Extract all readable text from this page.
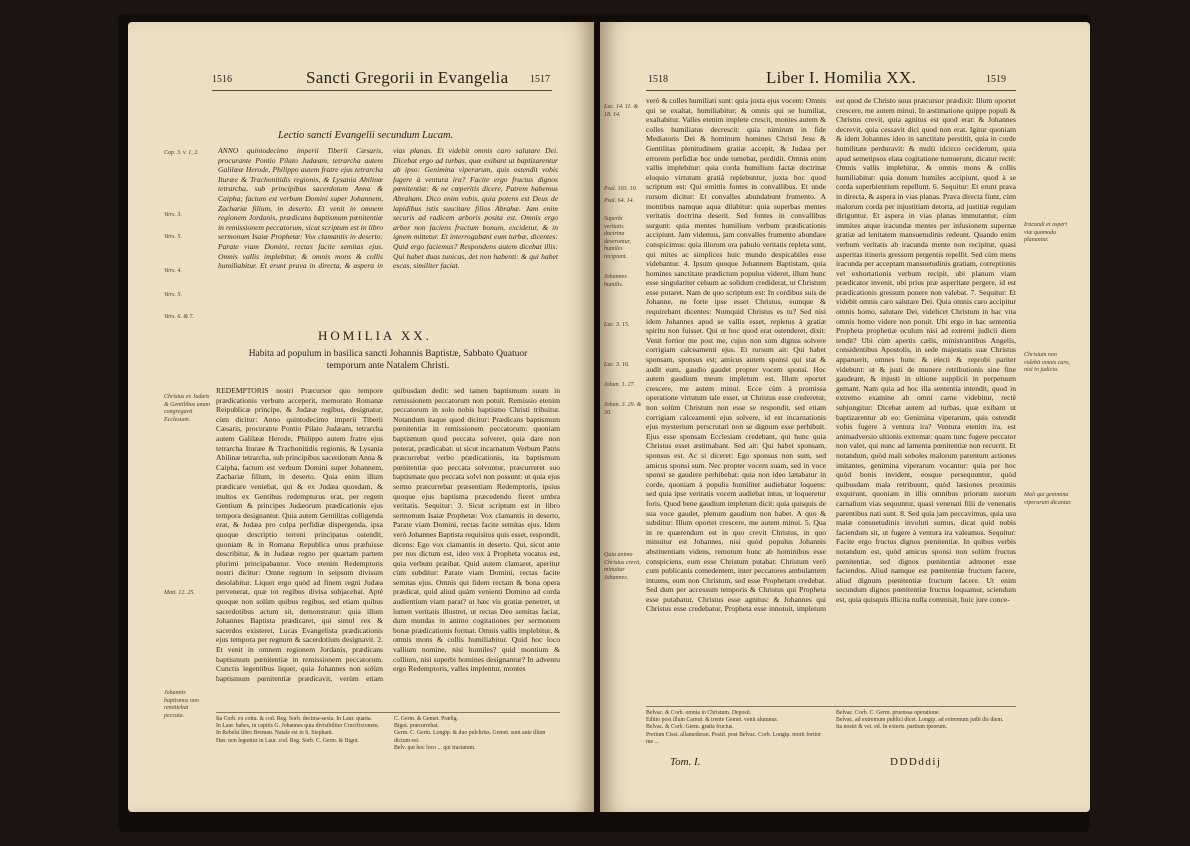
1516	Sancti Gregorii in Evangelia 1517
Lectio sancti Evangelii secundum Lucam.
Cap. 3. v. 1, 2.
Vers. 3.
Vers. 5.
Vers. 4.
Vers. 5.
Vers. 6. & 7.
ANNO quintodecimo imperii Tiberii Cæsaris, procurante Pontio Pilato Judæam, tetrarcha autem Galilææ Herode, Philippo autem fratre ejus tetrarcha Ituræe & Trachonitidis regionis, & Lysania Abilinæ tetrarcha, sub principibus sacerdotum Anna & Caipha; factum est verbum Domini super Johannem, Zachariæ filium, in deserto. Et venit in omnem regionem Jordanis, prædicans baptismum pœnitentiæ in remissionem peccatorum, sicut scriptum est in libro sermonum Isaiæ Prophetæ: Vox clamantis in deserto: Parate viam Domini, rectas facite semitas ejus. Omnis vallis implebitur, & omnis mons & collis humiliabitur. Et erunt prava in directa, & aspera in vias planas. Et videbit omnis caro salutare Dei. Dicebat ergo ad turbas, quæ exibant ut baptizarentur ab ipso: Genimina viperarum, quis ostendit vobis fugere à ventura ira? Facite ergo fructus dignos pœnitentiæ: & ne cœperitis dicere, Patrem habemus Abraham. Dico enim vobis, quia potens est Deus de lapidibus istis suscitare filios Abrahæ. Jam enim securis ad radicem arboris posita est. Omnis ergo arbor non faciens fructum bonum, excidetur, & in ignem mittetur. Et interrogabant eum turbæ, dicentes: Quid ergo faciemus? Respondens autem dicebat illis: Qui habet duas tunicas, det non habenti: & qui habet escas, similiter faciat.
HOMILIA XX.
Habita ad populum in basilica sancti Johannis Baptistæ, Sabbato Quatuor temporum ante Natalem Christi.
Christus ex Judæis & Gentilibus unam congregavit Ecclesiam.
Matt. 12. 25.
Johannis baptismus non remittebat peccata.
REDEMPTORIS nostri Præcursor quo tempore prædicationis verbum acceperit, memorato Romanæ Reipublicæ principe, & Judææ regibus, designatur, cùm dicitur: Anno quintodecimo imperii Tiberii Cæsaris, procurante Pontio Pilato Judæam, tetrarcha autem Galilææ Herode, Philippo autem fratre ejus tetrarcha Ituræe & Trachonitidis regionis, & Lysania Abilinæ tetrarcha, sub principibus sacerdotum Anna & Caipha, factum est verbum Domini super Johannem, Zachariæ filium, in deserto. Quia enim illum prædicare veniebat, qui & ex Judæa quosdam, & multos ex Gentibus redempturus erat, per regem Gentium & principes Judæorum prædicationis ejus tempora designantur. Quia autem Gentilitas colligenda erat, & Judæa pro culpa perfidiæ dispergenda, ipsa quoque descriptio terreni principatus ostendit, quoniam & in Romana Republica unus præfuisse describitur, & in Judææ regno per quartam partem plurimi principabantur. Voce etenim Redemptoris nostri dicitur: Omne regnum in seipsum divisum desolabitur. Liquet ergo quòd ad finem regni Judæa pervenerat, quæ tot regibus divisa subjacebat. Aptè quoque non solùm quibus regibus, sed etiam quibus sacerdotibus actum sit, demonstratur: quia illum Johannes Baptista prædicaret, qui simul rex & sacerdos existeret, Lucas Evangelista prædicationis ejus tempora per regnum & sacerdotium designavit. 2. Et venit in omnem regionem Jordanis, prædicans baptismum pœnitentiæ in remissionem peccatorum. Cunctis legentibus liquet, quia Johannes non solùm baptismum pœnitentiæ prædicavit, verùm etiam quibusdam dedit: sed tamen baptismum suum in remissionem peccatorum non potuit. Remissio etenim peccatorum in solo nobis baptismo Christi tribuitur. Notandum itaque quod dicitur: Prædicans baptismum pœnitentiæ in remissionem peccatorum: quoniam baptismum quod peccata solveret, quia dare non poterat, prædicabat: ut sicut incarnatum Verbum Patris præcurrebat verbo prædicationis, ita baptismum pœnitentiæ quo peccata solvuntur, præcurreret suo baptismate quo peccata solvi non possunt: ut quia ejus sermo præcurrebat præsentiam Redemptoris, ipsius quoque ejus baptisma præcedendo fieret umbra veritatis. Sequitur: 3. Sicut scriptum est in libro sermonum Isaiæ Prophetæ: Vox clamantis in deserto, Parate viam Domini, rectas facite semitas ejus. Idem verò Johannes Baptista requisitus quis esset, respondit, dicens: Ego vox clamantis in deserto. Qui, sicut ante per nos dictum est, ideo vox à Propheta vocatus est, quia verbum præibat. Quid autem clamaret, aperitur cùm subditur: Parate viam Domini, rectas facite semitas ejus. Omnis qui fidem rectam & bona opera prædicat, quid aliud quàm venienti Domino ad corda audientium viam parat? ut hæc vis gratiæ penetret, ut lumen veritatis illustret, ut rectas Deo semitas faciat, dum mundas in animo cogitationes per sermonem bonæ prædicationis format. Omnis vallis implebitur, & omnis mons & collis humiliabitur. Quid hoc loco vallium nomine, nisi humiles? quid montium & collium, nisi superbi homines designantur? In adventu ergo Redemptoris, valles implentur, montes
Ita Corb. ex cottu. & cod. Reg. Sorb. decima-sexta. In Laur. quarta.
In Laur. habes, in capitis G. Johannes quia divisibiliter Crucifixionem. In Rebelsi libro Breman. Natale est in S. Stephani.
Hæc non leguntur in Laur. cod. Reg. Sorb. C. Germ. & Bigot.
C. Germ. & Gemet. Præfig.
Bigot. præcurrebat.
Germ. C. Germ. Longip. & duo pulchriss. Gemet. sunt aute illum dictum est.
Belv. qui hoc loco ... qui tractatum.
1518	Liber I. Homilia XX.	1519
Luc. 14. 11. & 18. 14.
Psal. 103. 10.
Psal. 64. 14.
Superbi veritatis doctrina deseruntur, humiles recipiunt.
Johannes humilis.
Luc. 3. 15.
Luc. 3. 16.
Johan. 1. 27.
Johan. 3. 29. & 30.
Quia animo Christus crevit, minuitur Johannes.
verò & colles humiliati sunt: quia juxta ejus vocem: Omnis qui se exaltat, humiliabitur; & omnis qui se humiliat, exaltabitur. Valles etenim implete crescit, montes autem & colles humiliatus decrescit: quia nimirum in fide Mediatoris Dei & hominum homines Christi Jesu & Gentilitas plenitudinem gratiæ accepit, & Judæa per errorem perfidiæ hoc unde tumebat, perdidit. Omnis enim vallis implebitur: quia corda humilium factæ doctrinæ eloquio virtutum gratiâ replebuntur, juxta hoc quod scriptum est: Qui emittis fontes in convallibus. Et unde rursum dicitur: Et convalles abundabunt frumento. A montibus namque aqua dilabitur: quia superbas mentes veritatis doctrina deserit. Sed fontes in convallibus surgunt: quia mentes humilium verbum prædicationis accipiunt. Jam videmus, jam convalles frumento abundare conspicimus: quia illorum ora pabulo veritatis repleta sunt, qui mites ac simplices huic mundo despicabiles esse videbantur. 4. Ipsum quoque Johannem Baptistam, quia homines sanctitate prædictum populus videret, illum hunc esse singulariter celsum ac solidum crediderat, ut Christum esse putaret. Nam de quo scriptum est: In cordibus suis de Johanne, ne forte ipse esset Christus, eumque & requirebant dicentes: Numquid Christus es tu? Sed nisi idem Johannes apud se vallis esset, repletus à gratiæ spiritu non fuisset. Qui ut hoc quod erat ostenderet, dixit: Venit fortior me post me, cujus non sum dignus solvere corrigiam calceamenti ejus. Et rursum ait: Qui habet sponsam, sponsus est; amicus autem sponsi qui stat & audit eum, gaudio gaudet propter vocem sponsi. Hoc autem gaudium meum impletum est. Illum oportet crescere, me autem minui. Ecce cùm à promissa operatione virtutum tale esset, ut Christus esse crederetur, non solùm Christum non esse se respondit, sed etiam corrigiam calceamenti ejus solvere, id est incarnationis ejus mysterium perscrutari non se dignum esse perhibuit. Ejus esse sponsam Ecclesiam credebant, qui hunc quia Christus esset æstimabant. Sed ait: Qui habet sponsam, sponsus est. Ac si diceret: Ego sponsus non sum, sed amicus sponsi sum. Nec propter vocem suam, sed in voce sponsi se gaudere perhibebat: quia non ideo lætabatur in corde, quoniam à populis humiliter audiebatur loquens: sed quia ipse veritatis vocem audiebat intus, ut loqueretur foris. Quod bene gaudium impletum dicit: quia quisquis de sua voce gaudet, plenum gaudium non habet. A quo & subditur: Illum oportet crescere, me autem minui. 5. Qua in re quærendum est in quo crevit Christus, in quo minuitur est Johannes, nisi quòd populus Johannis abstinentiam videns, remotum hunc ab hominibus esse conspiciens, eum esse Christum putabat: Christum verò cum publicanis comedentem, inter peccatores ambulantem intuens, eum non Christum, sed esse Prophetam credebat. Sed dum per accessum temporis & Christus qui Propheta esse putabatur, Christus esse agnitus: & Johannes qui Christus esse credebatur, Propheta esse innotuit, impletum est quod de Christo suus præcursor prædixit: Illum oportet crescere, me autem minui. In æstimatione quippe populi & Christus crevit, quia agnitus est quod erat: & Johannes decrevit, quia cessavit dici quod non erat. Igitur quoniam & idem Johannes ideo in sanctitate perstitit, quia in corde humilitate perduravit: & multi idcirco ceciderunt, quia apud semetipsos elata cogitatione tumuerunt, dicatur rectè: Omnis vallis implebitur, & omnis mons & collis humiliabitur: quia donum humiles accipiunt, quod à se corda superbientium repellunt. 6. Sequitur: Et erunt prava in directa, & aspera in vias planas. Prava directa fiunt, cùm malorum corda per injustitiam detorta, ad justitiæ regulam diriguntur. Et aspera in vias planas immutantur, cùm immites atque iracundæ mentes per infusionem supernæ gratiæ ad lenitatem mansuetudinis redeunt. Quando enim verbum veritatis ab iracunda mente non recipitur, quasi asperitas itineris gressum pergentis repellit. Sed cùm mens iracunda per acceptam mansuetudinis gratiam, correptionis vel exhortationis verbum recipit, ubi planum viam prædicator invenit, ubi prius præ asperitate pergere, id est prædicationis gressum ponere non valebat. 7. Sequitur: Et videbit omnis caro salutare Dei. Quia omnis caro accipitur omnis homo, salutare Dei, videlicet Christum in hac vita omnis homo videre non potuit. Ubi ergo in hac sententia Propheta prophetiæ oculum nisi ad extremi judicii diem tendit? Ubi cùm apertis cælis, ministrantibus Angelis, considentibus Apostolis, in sede majestatis suæ Christus apparuerit, omnes hunc & electi & reprobi pariter videbunt: ut & justi de munere retributionis sine fine gaudeant, & injusti in ultione supplicii in perpetuum gemant. Nam quia ad hoc illa sententia intendit, quod in extremo examine ab omni carne videbitur, rectè subjungitur: Dicebat autem ad turbas, quæ exibant ut baptizarentur ab eo: Genimina viperarum, quis ostendit vobis fugere à ventura ira? Ventura etenim ira, est animadversio ultionis extremæ: quam tunc fugere peccator non valet, qui nunc ad lamenta pœnitentiæ non recurrit. Et notandum, quòd mali soboles malorum parentum actiones imitantes, genimina viperarum vocantur: quia per hoc quòd bonis invident, eosque persequuntur, quòd quibusdam mala retribuunt, quòd læsiones proximis exquirunt, quoniam in illis omnibus priorum suorum carnalium vias sequuntur, quasi venenati filii de venenatis parentibus nati sunt. 8. Sed quia jam peccavimus, quia usu malæ consuetudinis involuti sumus, dicat quid nobis faciendum sit, ut fugere à ventura ira valeamus. Sequitur: Facite ergo fructus dignos pœnitentiæ. In quibus verbis notandum est, quòd amicus sponsi non solùm fructus pœnitentiæ, sed dignos pœnitentiæ admonet esse faciendos. Aliud namque est pœnitentiæ fructum facere, aliud dignum pœnitentiæ fructum facere. Ut enim secundum dignos pœnitentiæ fructus loquamur, sciendum est, quia quisquis illicita nulla commisit, huic jure conce-
Iracundi et asperi viæ quomodo planantur.
Christum non videbit omnis caro, nisi in judicio.
Mali qui genimina viperarum dicantur.
Belvac. & Corb. omnia in Christum. Deposit.
Editio post illum Carnut. & trente Gemet. venit alumnus.
Belvac. & Corb. Germ. gratia fructus.
Pretium Cissi. allamederan. Postif. post Belvac. Corb. Longip. morti fortior me ...
Belvac. Corb. C. Germ. pruenssa operatione.
Belvac. ad extremum publici dicet. Longip. ad extremum judii dis diem.
Ita nostri & vet. ed. In exteris. partium ipsorum.
Tom. I.	DDDddij
